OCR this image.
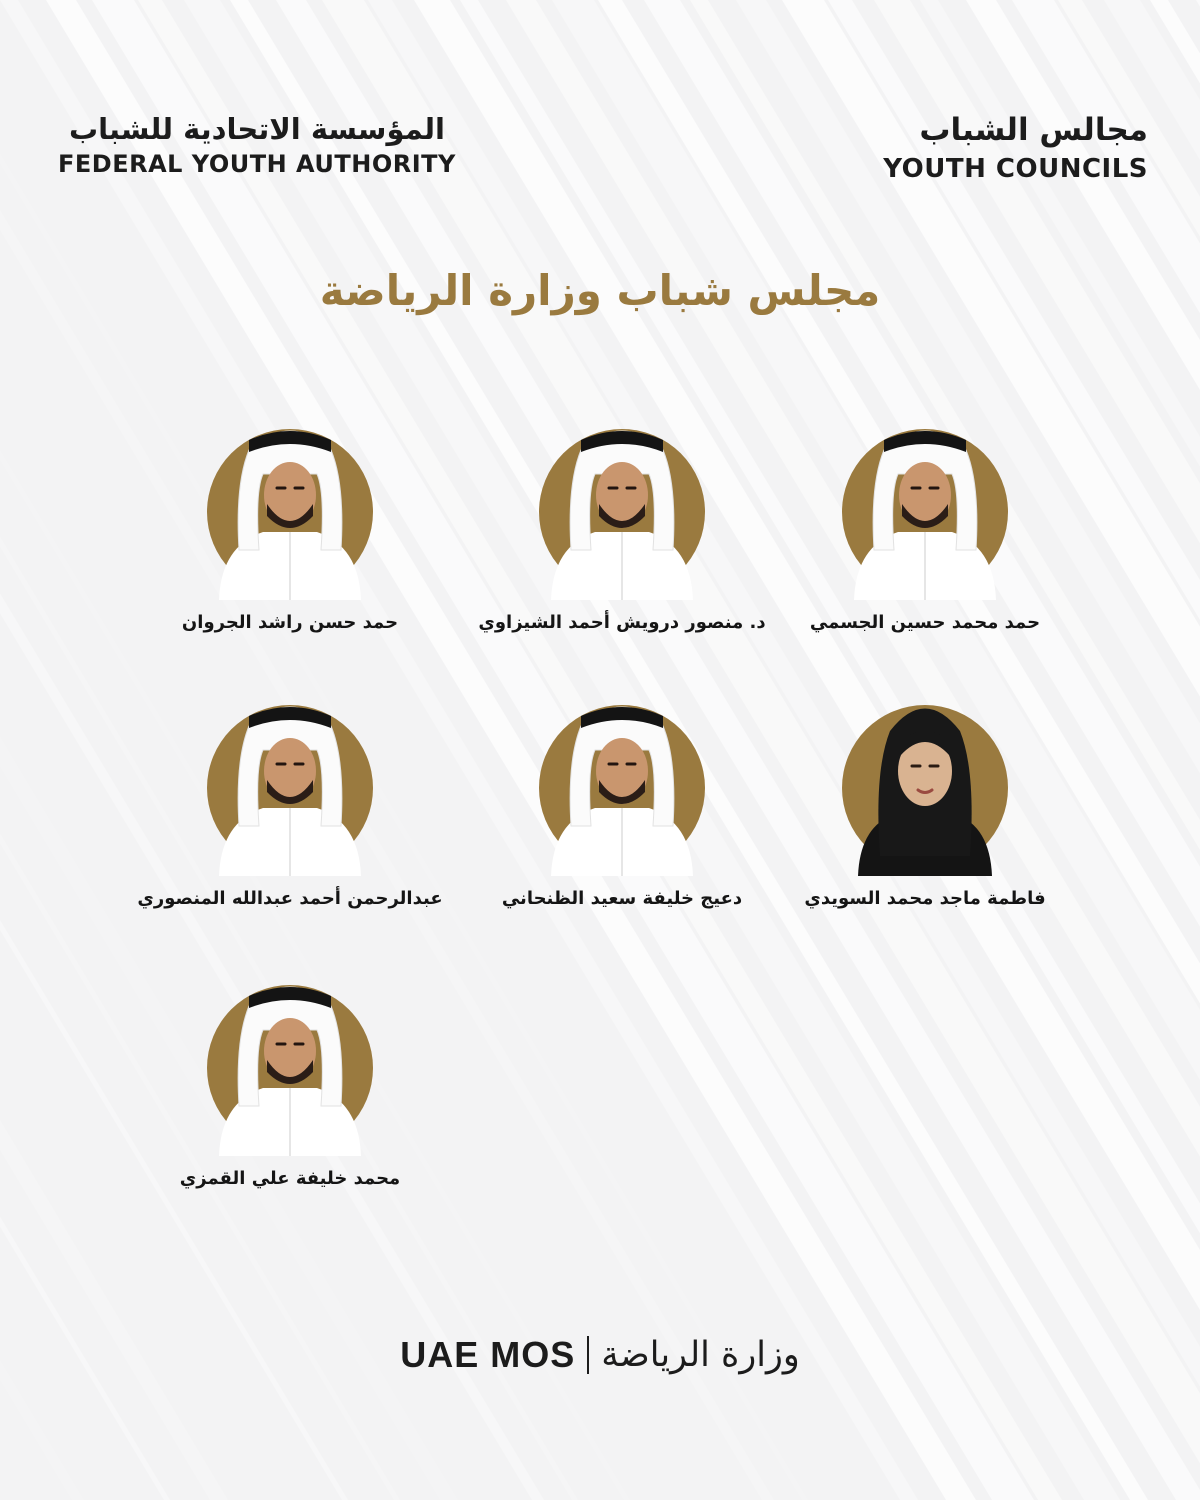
المؤسسة الاتحادية للشباب
FEDERAL YOUTH AUTHORITY
مجالس الشباب
YOUTH COUNCILS
مجلس شباب وزارة الرياضة
حمد محمد حسين الجسمي
د. منصور درويش أحمد الشيزاوي
حمد حسن راشد الجروان
فاطمة ماجد محمد السويدي
دعيج خليفة سعيد الظنحاني
عبدالرحمن أحمد عبدالله المنصوري
محمد خليفة علي القمزي
UAE MOS وزارة الرياضة
